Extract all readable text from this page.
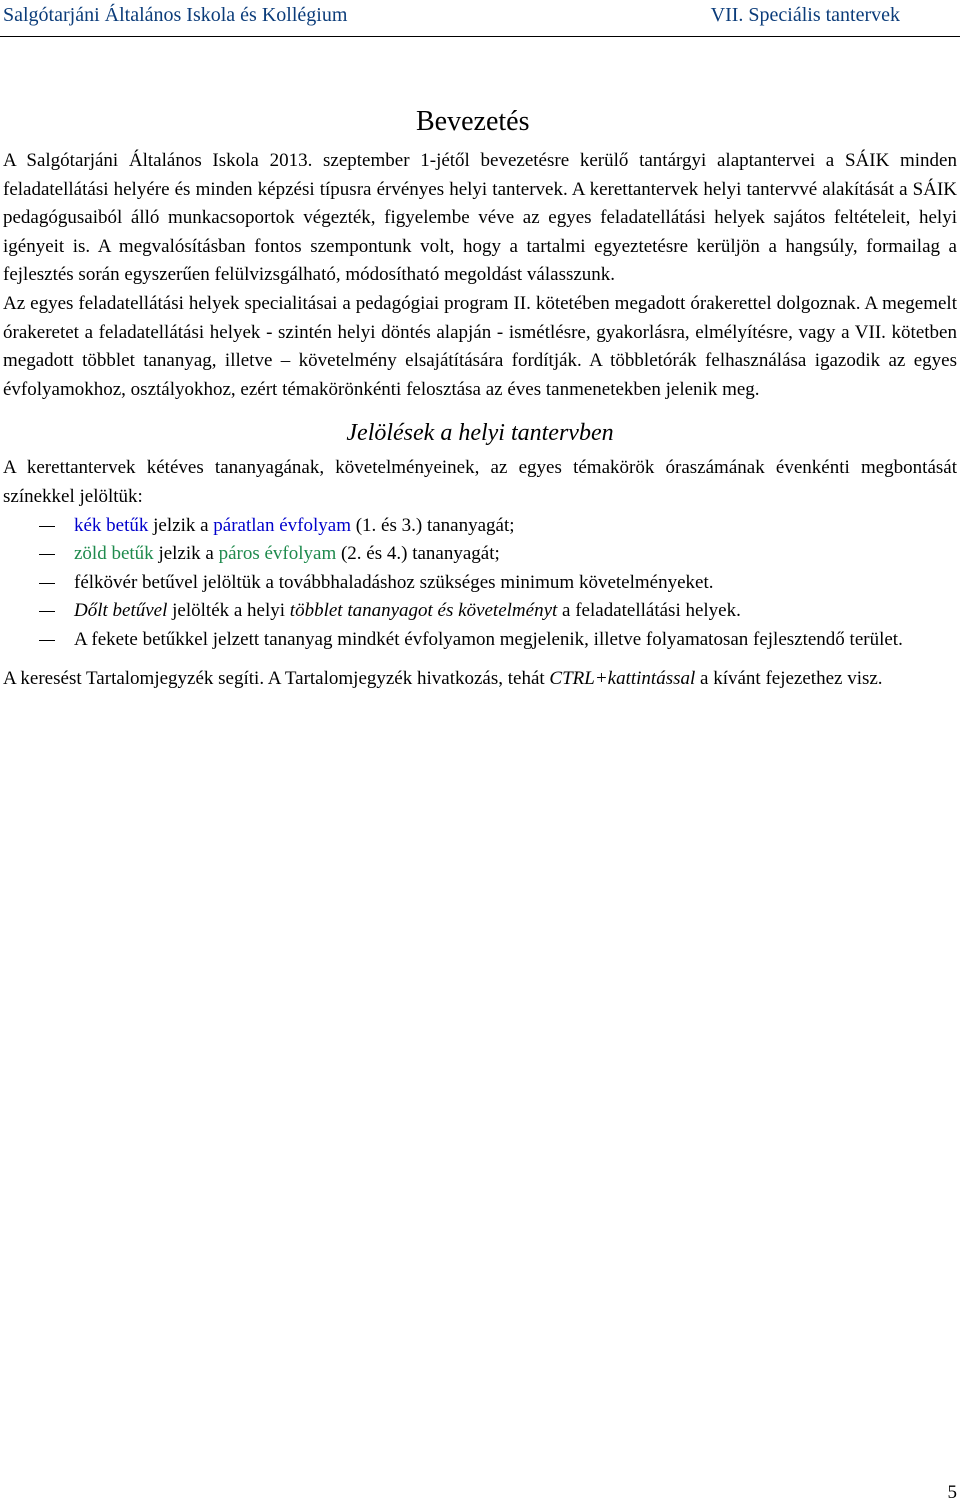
Salgótarjáni Általános Iskola és Kollégium	VII. Speciális tantervek
Bevezetés

A Salgótarjáni Általános Iskola 2013. szeptember 1-jétől bevezetésre kerülő tantárgyi alaptantervei a SÁIK minden feladatellátási helyére és minden képzési típusra érvényes helyi tantervek. A kerettantervek helyi tantervvé alakítását a SÁIK pedagógusaiból álló munkacsoportok végezték, figyelembe véve az egyes feladatellátási helyek sajátos feltételeit, helyi igényeit is. A megvalósításban fontos szempontunk volt, hogy a tartalmi egyeztetésre kerüljön a hangsúly, formailag a fejlesztés során egyszerűen felülvizsgálható, módosítható megoldást válasszunk.

Az egyes feladatellátási helyek specialitásai a pedagógiai program II. kötetében megadott órakerettel dolgoznak. A megemelt órakeretet a feladatellátási helyek - szintén helyi döntés alapján - ismétlésre, gyakorlásra, elmélyítésre, vagy a VII. kötetben megadott többlet tananyag, illetve – követelmény elsajátítására fordítják. A többletórák felhasználása igazodik az egyes évfolyamokhoz, osztályokhoz, ezért témakörönkénti felosztása az éves tanmenetekben jelenik meg.

Jelölések a helyi tantervben

A kerettantervek kétéves tananyagának, követelményeinek, az egyes témakörök óraszámának évenkénti megbontását színekkel jelöltük:

kék betűk jelzik a páratlan évfolyam (1. és 3.) tananyagát;
zöld betűk jelzik a páros évfolyam (2. és 4.) tananyagát;
félkövér betűvel jelöltük a továbbhaladáshoz szükséges minimum követelményeket.
Dőlt betűvel jelölték a helyi többlet tananyagot és követelményt a feladatellátási helyek.
A fekete betűkkel jelzett tananyag mindkét évfolyamon megjelenik, illetve folyamatosan fejlesztendő terület.

A keresést Tartalomjegyzék segíti. A Tartalomjegyzék hivatkozás, tehát CTRL+kattintással a kívánt fejezethez visz.

5
